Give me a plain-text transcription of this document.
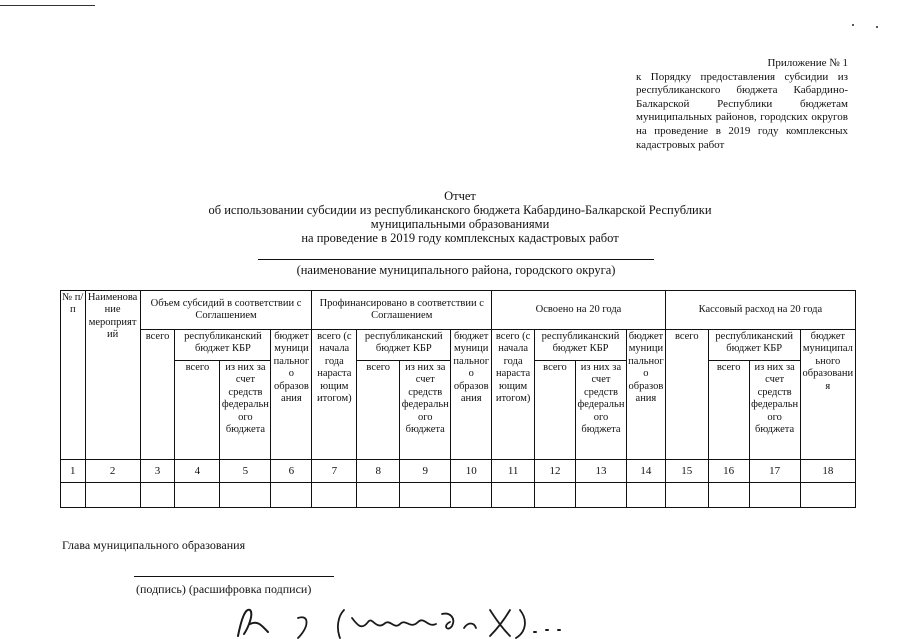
Приложение № 1
к Порядку предоставления субсидии из республиканского бюджета Кабардино-Балкарской Республики бюджетам муниципальных районов, городских округов на проведение в 2019 году комплексных кадастровых работ
Отчет
об использовании субсидии из республиканского бюджета Кабардино-Балкарской Республики
муниципальными образованиями
на проведение в 2019 году комплексных кадастровых работ
(наименование муниципального района, городского округа)
№ п/п	Наименование мероприятий	Объем субсидий в соответствии с Соглашением				Профинансировано в соответствии с Соглашением				Освоено на 20 года				Кассовый расход на 20 года			
		всего	республиканский бюджет КБР		бюджет муниципального образования	всего (с начала года нарастающим итогом)	республиканский бюджет КБР		бюджет муниципального образования	всего (с начала года нарастающим итогом)	республиканский бюджет КБР		бюджет муниципального образования	всего	республиканский бюджет КБР		бюджет муниципального образования
			всего	из них за счет средств федерального бюджета			всего	из них за счет средств федерального бюджета			всего	из них за счет средств федерального бюджета			всего	из них за счет средств федерального бюджета	
1	2	3	4	5	6	7	8	9	10	11	12	13	14	15	16	17	18

Глава муниципального образования
(подпись) (расшифровка подписи)
